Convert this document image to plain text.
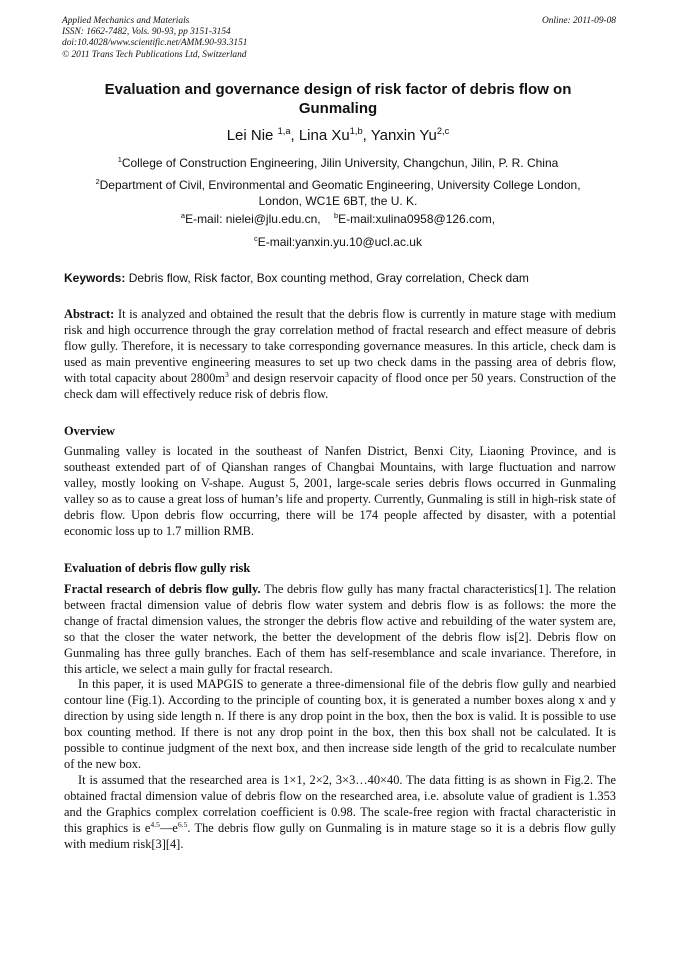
Applied Mechanics and Materials
ISSN: 1662-7482, Vols. 90-93, pp 3151-3154
doi:10.4028/www.scientific.net/AMM.90-93.3151
© 2011 Trans Tech Publications Ltd, Switzerland
Online: 2011-09-08
Evaluation and governance design of risk factor of debris flow on
Gunmaling
Lei Nie $^{1,a}$, Lina Xu$^{1,b}$, Yanxin Yu$^{2,c}$
$^1$College of Construction Engineering, Jilin University, Changchun, Jilin, P. R. China
$^2$Department of Civil, Environmental and Geomatic Engineering, University College London,
London, WC1E 6BT, the U. K.
$^a$E-mail: nielei@jlu.edu.cn, $^b$E-mail:xulina0958@126.com,
$^c$E-mail:yanxin.yu.10@ucl.ac.uk
Keywords: Debris flow, Risk factor, Box counting method, Gray correlation, Check dam
Abstract: It is analyzed and obtained the result that the debris flow is currently in mature stage with medium risk and high occurrence through the gray correlation method of fractal research and effect measure of debris flow gully. Therefore, it is necessary to take corresponding governance measures. In this article, check dam is used as main preventive engineering measures to set up two check dams in the passing area of debris flow, with total capacity about $2800m^3$ and design reservoir capacity of flood once per 50 years. Construction of the check dam will effectively reduce risk of debris flow.
Overview
Gunmaling valley is located in the southeast of Nanfen District, Benxi City, Liaoning Province, and is southeast extended part of of Qianshan ranges of Changbai Mountains, with large fluctuation and narrow valley, mostly looking on V-shape. August 5, 2001, large-scale series debris flows occurred in Gunmaling valley so as to cause a great loss of human’s life and property. Currently, Gunmaling is still in high-risk state of debris flow. Upon debris flow occurring, there will be 174 people affected by disaster, with a potential economic loss up to 1.7 million RMB.
Evaluation of debris flow gully risk
Fractal research of debris flow gully. The debris flow gully has many fractal characteristics[1]. The relation between fractal dimension value of debris flow water system and debris flow is as follows: the more the change of fractal dimension values, the stronger the debris flow active and rebuilding of the water system are, so that the closer the water network, the better the development of the debris flow is[2]. Debris flow on Gunmaling has three gully branches. Each of them has self-resemblance and scale invariance. Therefore, in this article, we select a main gully for fractal research.
In this paper, it is used MAPGIS to generate a three-dimensional file of the debris flow gully and nearbied contour line (Fig.1). According to the principle of counting box, it is generated a number boxes along x and y direction by using side length n. If there is any drop point in the box, then the box is valid. It is possible to use box counting method. If there is not any drop point in the box, then this box shall not be calculated. It is possible to continue judgment of the next box, and then increase side length of the grid to recalculate number of the new box.
It is assumed that the researched area is 1×1, 2×2, 3×3…40×40. The data fitting is as shown in Fig.2. The obtained fractal dimension value of debris flow on the researched area, i.e. absolute value of gradient is 1.353 and the Graphics complex correlation coefficient is 0.98. The scale-free region with fractal characteristic in this graphics is $e^{4.5}—e^{6.5}$. The debris flow gully on Gunmaling is in mature stage so it is a debris flow gully with medium risk[3][4].
